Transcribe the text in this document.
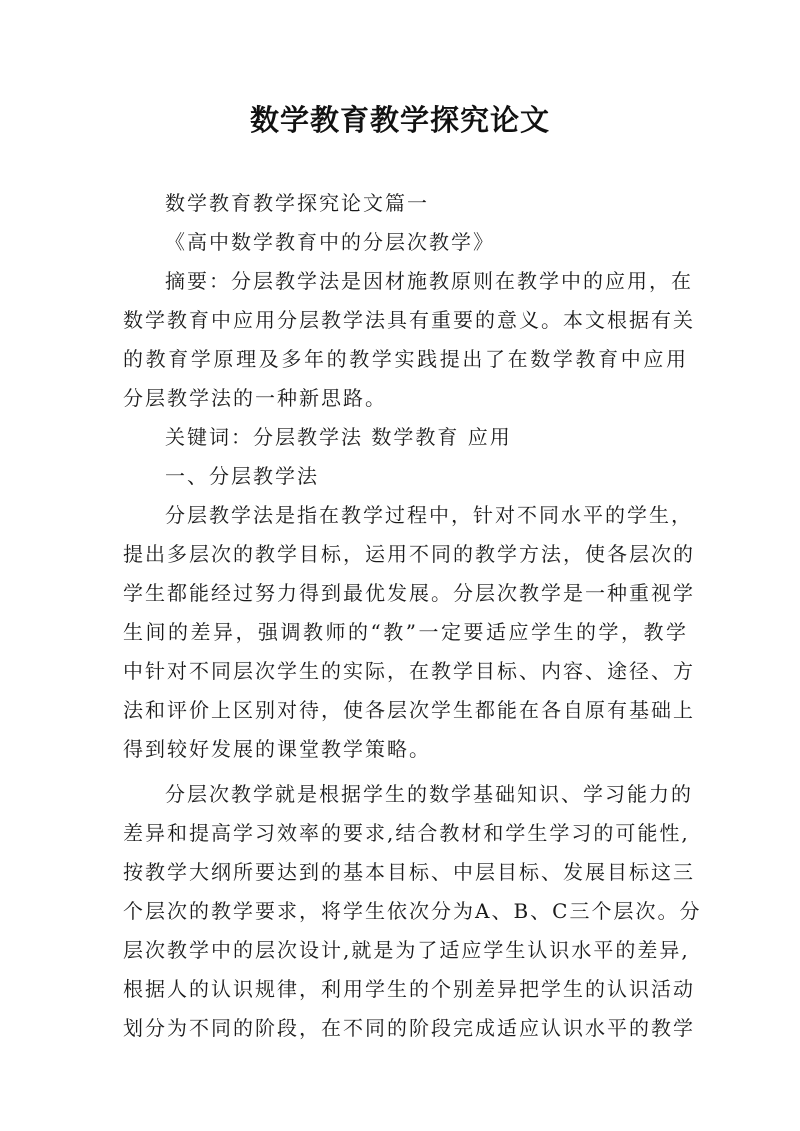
数学教育教学探究论文
数学教育教学探究论文篇一
《高中数学教育中的分层次教学》
摘要：分层教学法是因材施教原则在教学中的应用，在
数学教育中应用分层教学法具有重要的意义。本文根据有关
的教育学原理及多年的教学实践提出了在数学教育中应用
分层教学法的一种新思路。
关键词：分层教学法 数学教育 应用
一、分层教学法
分层教学法是指在教学过程中，针对不同水平的学生，
提出多层次的教学目标，运用不同的教学方法，使各层次的
学生都能经过努力得到最优发展。分层次教学是一种重视学
生间的差异，强调教师的“教”一定要适应学生的学，教学
中针对不同层次学生的实际，在教学目标、内容、途径、方
法和评价上区别对待，使各层次学生都能在各自原有基础上
得到较好发展的课堂教学策略。
分层次教学就是根据学生的数学基础知识、学习能力的
差异和提高学习效率的要求,结合教材和学生学习的可能性,
按教学大纲所要达到的基本目标、中层目标、发展目标这三
个层次的教学要求，将学生依次分为A、B、C三个层次。分
层次教学中的层次设计,就是为了适应学生认识水平的差异,
根据人的认识规律，利用学生的个别差异把学生的认识活动
划分为不同的阶段，在不同的阶段完成适应认识水平的教学
